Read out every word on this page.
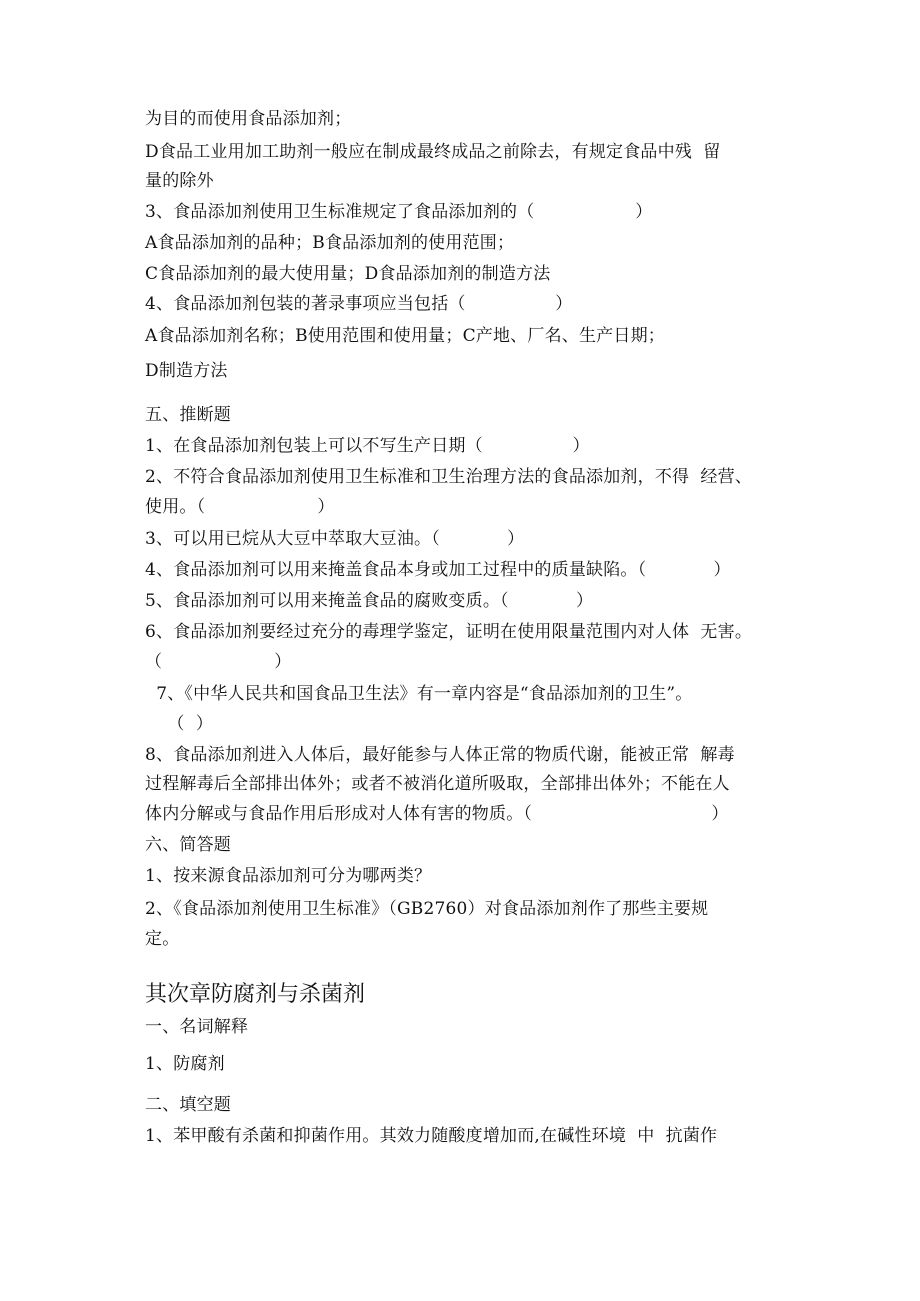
为目的而使用食品添加剂；
D食品工业用加工助剂一般应在制成最终成品之前除去，有规定食品中残  留
量的除外
3、食品添加剂使用卫生标准规定了食品添加剂的（                  ）
A食品添加剂的品种；B食品添加剂的使用范围；
C食品添加剂的最大使用量；D食品添加剂的制造方法
4、食品添加剂包装的著录事项应当包括（                ）
A食品添加剂名称；B使用范围和使用量；C产地、厂名、生产日期；
D制造方法
五、推断题
1、在食品添加剂包装上可以不写生产日期（                ）
2、不符合食品添加剂使用卫生标准和卫生治理方法的食品添加剂，不得  经营、
使用。（                    ）
3、可以用已烷从大豆中萃取大豆油。（            ）
4、食品添加剂可以用来掩盖食品本身或加工过程中的质量缺陷。（            ）
5、食品添加剂可以用来掩盖食品的腐败变质。（            ）
6、食品添加剂要经过充分的毒理学鉴定，证明在使用限量范围内对人体  无害。
（                    ）
7、《中华人民共和国食品卫生法》有一章内容是“食品添加剂的卫生”。
（  ）
8、食品添加剂进入人体后，最好能参与人体正常的物质代谢，能被正常  解毒
过程解毒后全部排出体外；或者不被消化道所吸取，全部排出体外；不能在人
体内分解或与食品作用后形成对人体有害的物质。（                                ）
六、简答题
1、按来源食品添加剂可分为哪两类？
2、《食品添加剂使用卫生标准》（GB2760）对食品添加剂作了那些主要规
定。
其次章防腐剂与杀菌剂
一、名词解释
1、防腐剂
二、填空题
1、苯甲酸有杀菌和抑菌作用。其效力随酸度增加而,在碱性环境  中  抗菌作
